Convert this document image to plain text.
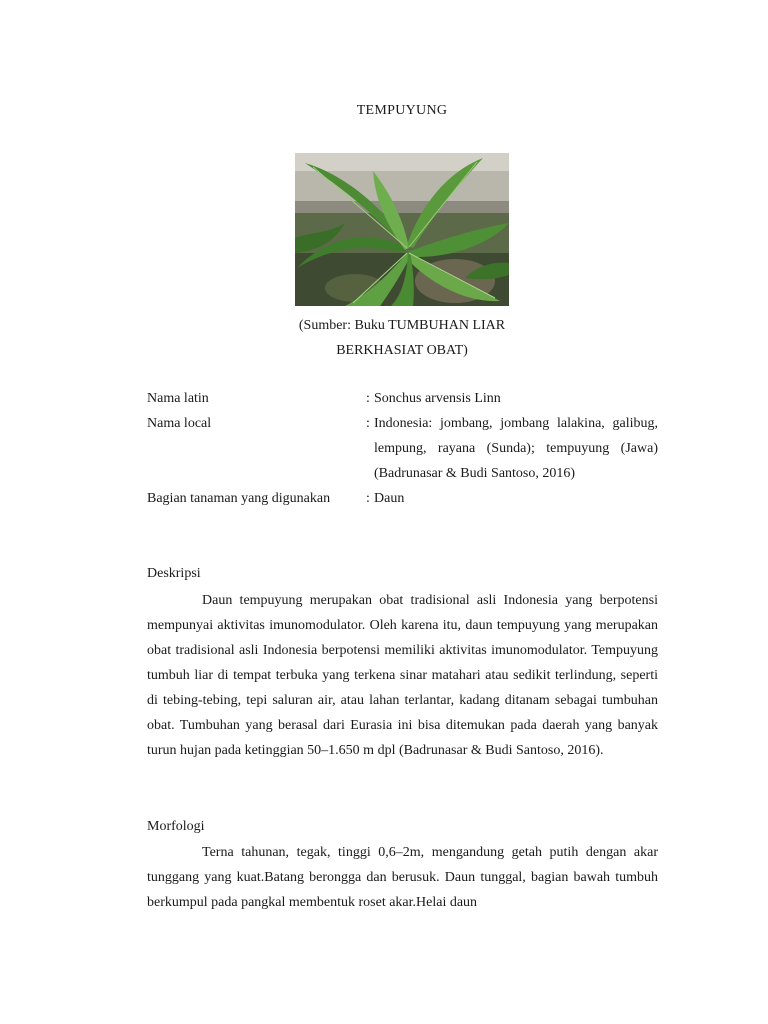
TEMPUYUNG
(Sumber: Buku TUMBUHAN LIAR
BERKHASIAT OBAT)
Nama latin	: Sonchus arvensis Linn
Nama local	: Indonesia: jombang, jombang lalakina, galibug, lempung, rayana (Sunda); tempuyung (Jawa) (Badrunasar & Budi Santoso, 2016)
Bagian tanaman yang digunakan	: Daun
Deskripsi

Daun tempuyung merupakan obat tradisional asli Indonesia yang berpotensi mempunyai aktivitas imunomodulator. Oleh karena itu, daun tempuyung yang merupakan obat tradisional asli Indonesia berpotensi memiliki aktivitas imunomodulator. Tempuyung tumbuh liar di tempat terbuka yang terkena sinar matahari atau sedikit terlindung, seperti di tebing-tebing, tepi saluran air, atau lahan terlantar, kadang ditanam sebagai tumbuhan obat. Tumbuhan yang berasal dari Eurasia ini bisa ditemukan pada daerah yang banyak turun hujan pada ketinggian 50–1.650 m dpl (Badrunasar & Budi Santoso, 2016).

Morfologi

Terna tahunan, tegak, tinggi 0,6–2m, mengandung getah putih dengan akar tunggang yang kuat.Batang berongga dan berusuk. Daun tunggal, bagian bawah tumbuh berkumpul pada pangkal membentuk roset akar.Helai daun
